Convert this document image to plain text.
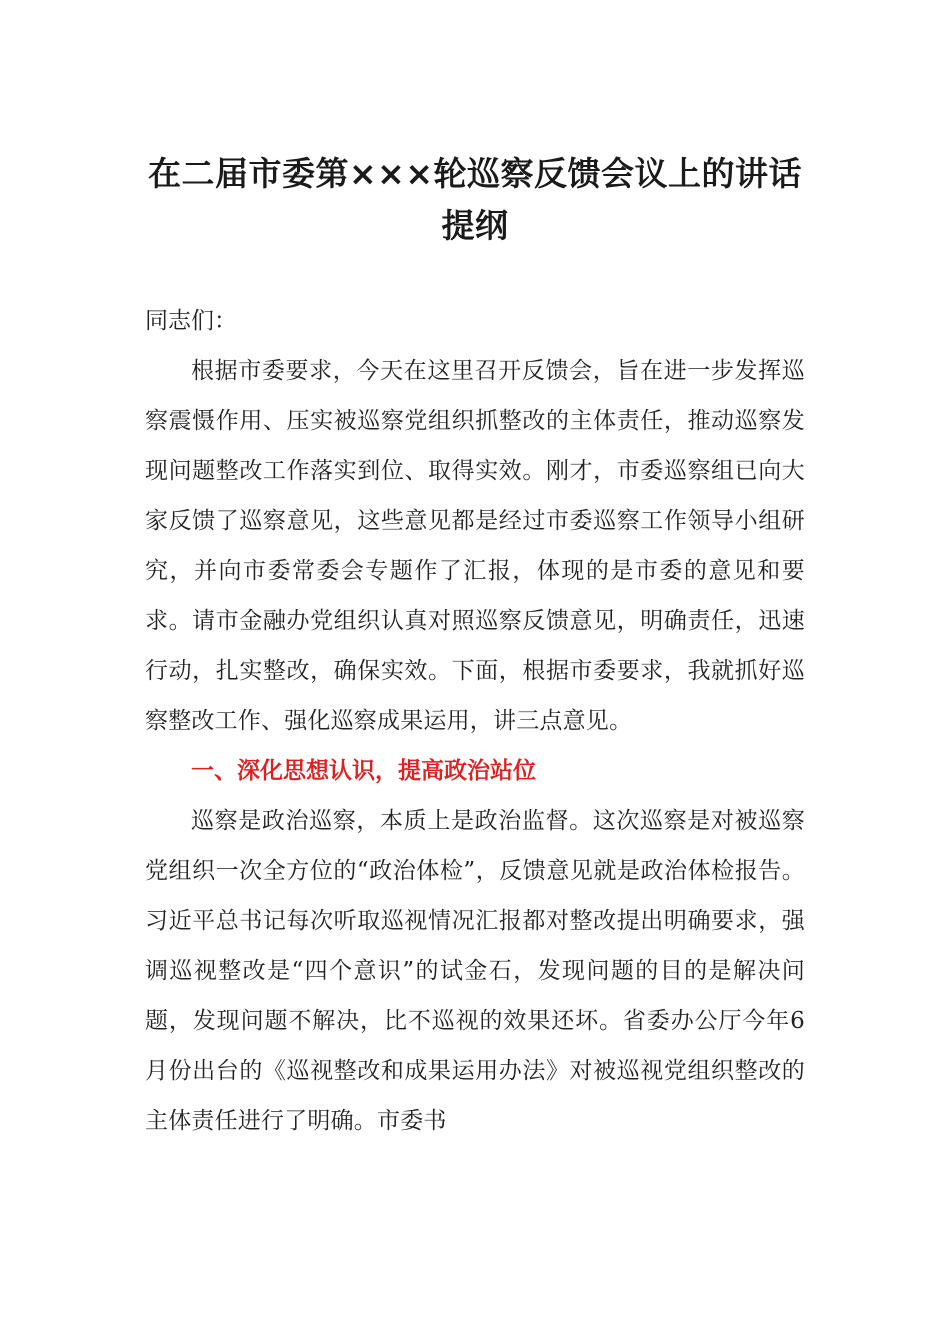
在二届市委第×××轮巡察反馈会议上的讲话
提纲

同志们：

根据市委要求，今天在这里召开反馈会，旨在进一步发挥巡察震慑作用、压实被巡察党组织抓整改的主体责任，推动巡察发现问题整改工作落实到位、取得实效。刚才，市委巡察组已向大家反馈了巡察意见，这些意见都是经过市委巡察工作领导小组研究，并向市委常委会专题作了汇报，体现的是市委的意见和要求。请市金融办党组织认真对照巡察反馈意见，明确责任，迅速行动，扎实整改，确保实效。下面，根据市委要求，我就抓好巡察整改工作、强化巡察成果运用，讲三点意见。

一、深化思想认识，提高政治站位

巡察是政治巡察，本质上是政治监督。这次巡察是对被巡察党组织一次全方位的“政治体检”，反馈意见就是政治体检报告。习近平总书记每次听取巡视情况汇报都对整改提出明确要求，强调巡视整改是“四个意识”的试金石，发现问题的目的是解决问题，发现问题不解决，比不巡视的效果还坏。省委办公厅今年6月份出台的《巡视整改和成果运用办法》对被巡视党组织整改的主体责任进行了明确。市委书
